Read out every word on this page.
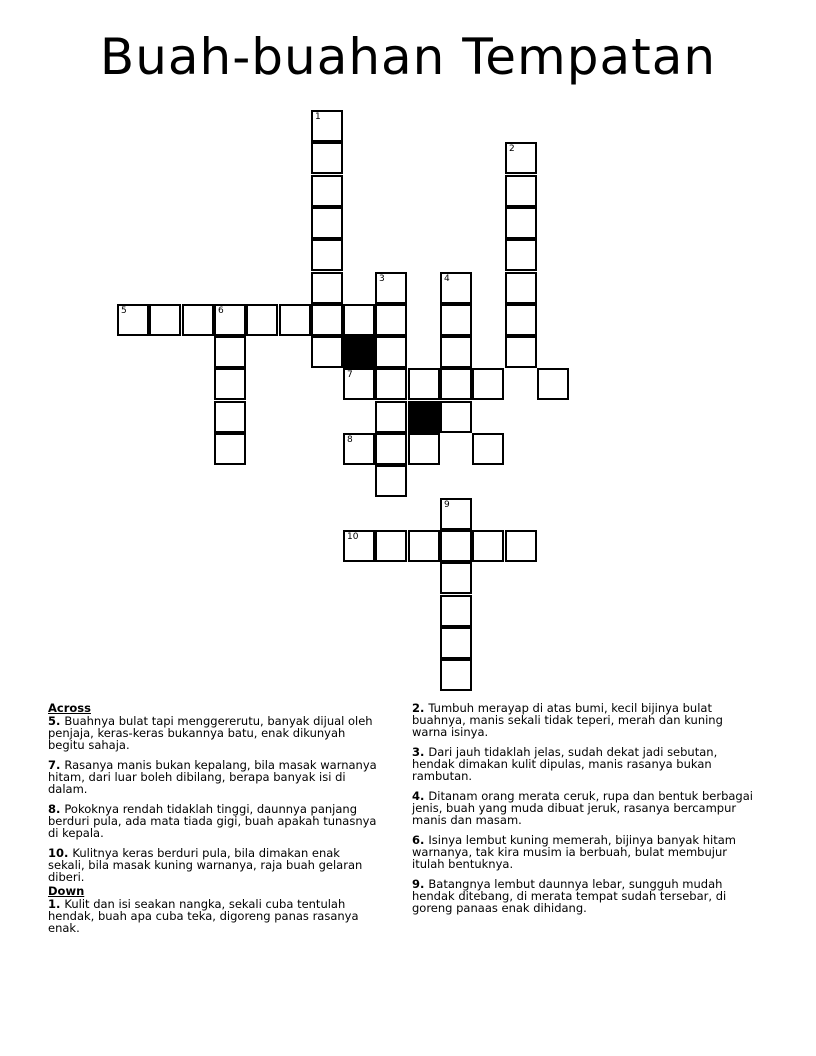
Buah-buahan Tempatan
1
2
3	4
5	6
7
8
9
10
Across
5. Buahnya bulat tapi menggererutu, banyak dijual oleh penjaja, keras-keras bukannya batu, enak dikunyah begitu sahaja.
7. Rasanya manis bukan kepalang, bila masak warnanya hitam, dari luar boleh dibilang, berapa banyak isi di dalam.
8. Pokoknya rendah tidaklah tinggi, daunnya panjang berduri pula, ada mata tiada gigi, buah apakah tunasnya di kepala.
10. Kulitnya keras berduri pula, bila dimakan enak sekali, bila masak kuning warnanya, raja buah gelaran diberi.
Down
1. Kulit dan isi seakan nangka, sekali cuba tentulah hendak, buah apa cuba teka, digoreng panas rasanya enak.
2. Tumbuh merayap di atas bumi, kecil bijinya bulat buahnya, manis sekali tidak teperi, merah dan kuning warna isinya.
3. Dari jauh tidaklah jelas, sudah dekat jadi sebutan, hendak dimakan kulit dipulas, manis rasanya bukan rambutan.
4. Ditanam orang merata ceruk, rupa dan bentuk berbagai jenis, buah yang muda dibuat jeruk, rasanya bercampur manis dan masam.
6. Isinya lembut kuning memerah, bijinya banyak hitam warnanya, tak kira musim ia berbuah, bulat membujur itulah bentuknya.
9. Batangnya lembut daunnya lebar, sungguh mudah hendak ditebang, di merata tempat sudah tersebar, di goreng panaas enak dihidang.
